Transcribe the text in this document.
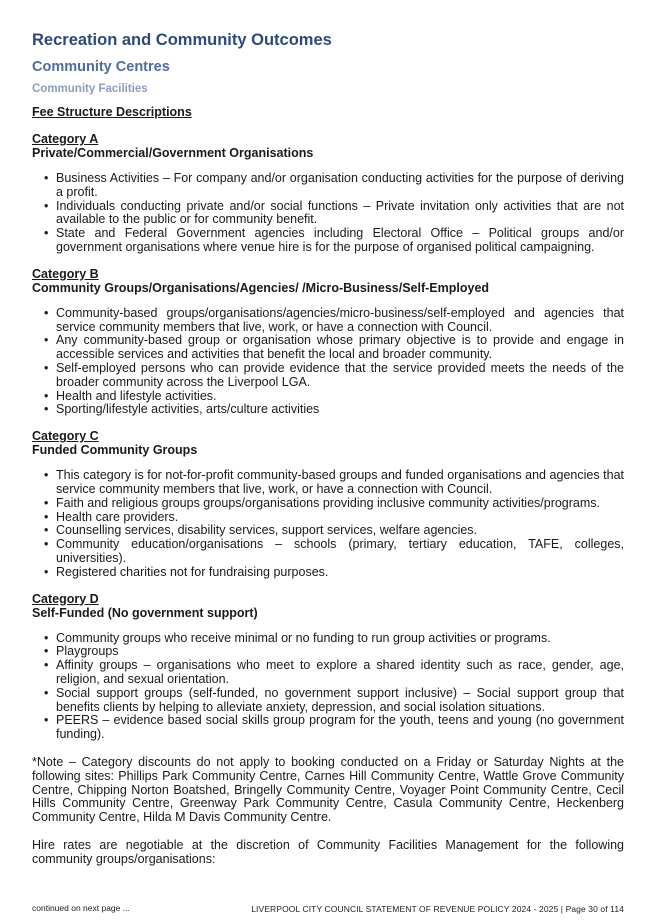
Recreation and Community Outcomes
Community Centres
Community Facilities
Fee Structure Descriptions
Category A
Private/Commercial/Government Organisations
• Business Activities – For company and/or organisation conducting activities for the purpose of deriving a profit.
• Individuals conducting private and/or social functions – Private invitation only activities that are not available to the public or for community benefit.
• State and Federal Government agencies including Electoral Office – Political groups and/or government organisations where venue hire is for the purpose of organised political campaigning.
Category B
Community Groups/Organisations/Agencies/ /Micro-Business/Self-Employed
• Community-based groups/organisations/agencies/micro-business/self-employed and agencies that service community members that live, work, or have a connection with Council.
• Any community-based group or organisation whose primary objective is to provide and engage in accessible services and activities that benefit the local and broader community.
• Self-employed persons who can provide evidence that the service provided meets the needs of the broader community across the Liverpool LGA.
• Health and lifestyle activities.
• Sporting/lifestyle activities, arts/culture activities
Category C
Funded Community Groups
• This category is for not-for-profit community-based groups and funded organisations and agencies that service community members that live, work, or have a connection with Council.
• Faith and religious groups groups/organisations providing inclusive community activities/programs.
• Health care providers.
• Counselling services, disability services, support services, welfare agencies.
• Community education/organisations – schools (primary, tertiary education, TAFE, colleges, universities).
• Registered charities not for fundraising purposes.
Category D
Self-Funded (No government support)
• Community groups who receive minimal or no funding to run group activities or programs.
• Playgroups
• Affinity groups – organisations who meet to explore a shared identity such as race, gender, age, religion, and sexual orientation.
• Social support groups (self-funded, no government support inclusive) – Social support group that benefits clients by helping to alleviate anxiety, depression, and social isolation situations.
• PEERS – evidence based social skills group program for the youth, teens and young (no government funding).

*Note – Category discounts do not apply to booking conducted on a Friday or Saturday Nights at the following sites: Phillips Park Community Centre, Carnes Hill Community Centre, Wattle Grove Community Centre, Chipping Norton Boatshed, Bringelly Community Centre, Voyager Point Community Centre, Cecil Hills Community Centre, Greenway Park Community Centre, Casula Community Centre, Heckenberg Community Centre, Hilda M Davis Community Centre.

Hire rates are negotiable at the discretion of Community Facilities Management for the following community groups/organisations:

continued on next page ...	LIVERPOOL CITY COUNCIL STATEMENT OF REVENUE POLICY 2024 - 2025 | Page 30 of 114
